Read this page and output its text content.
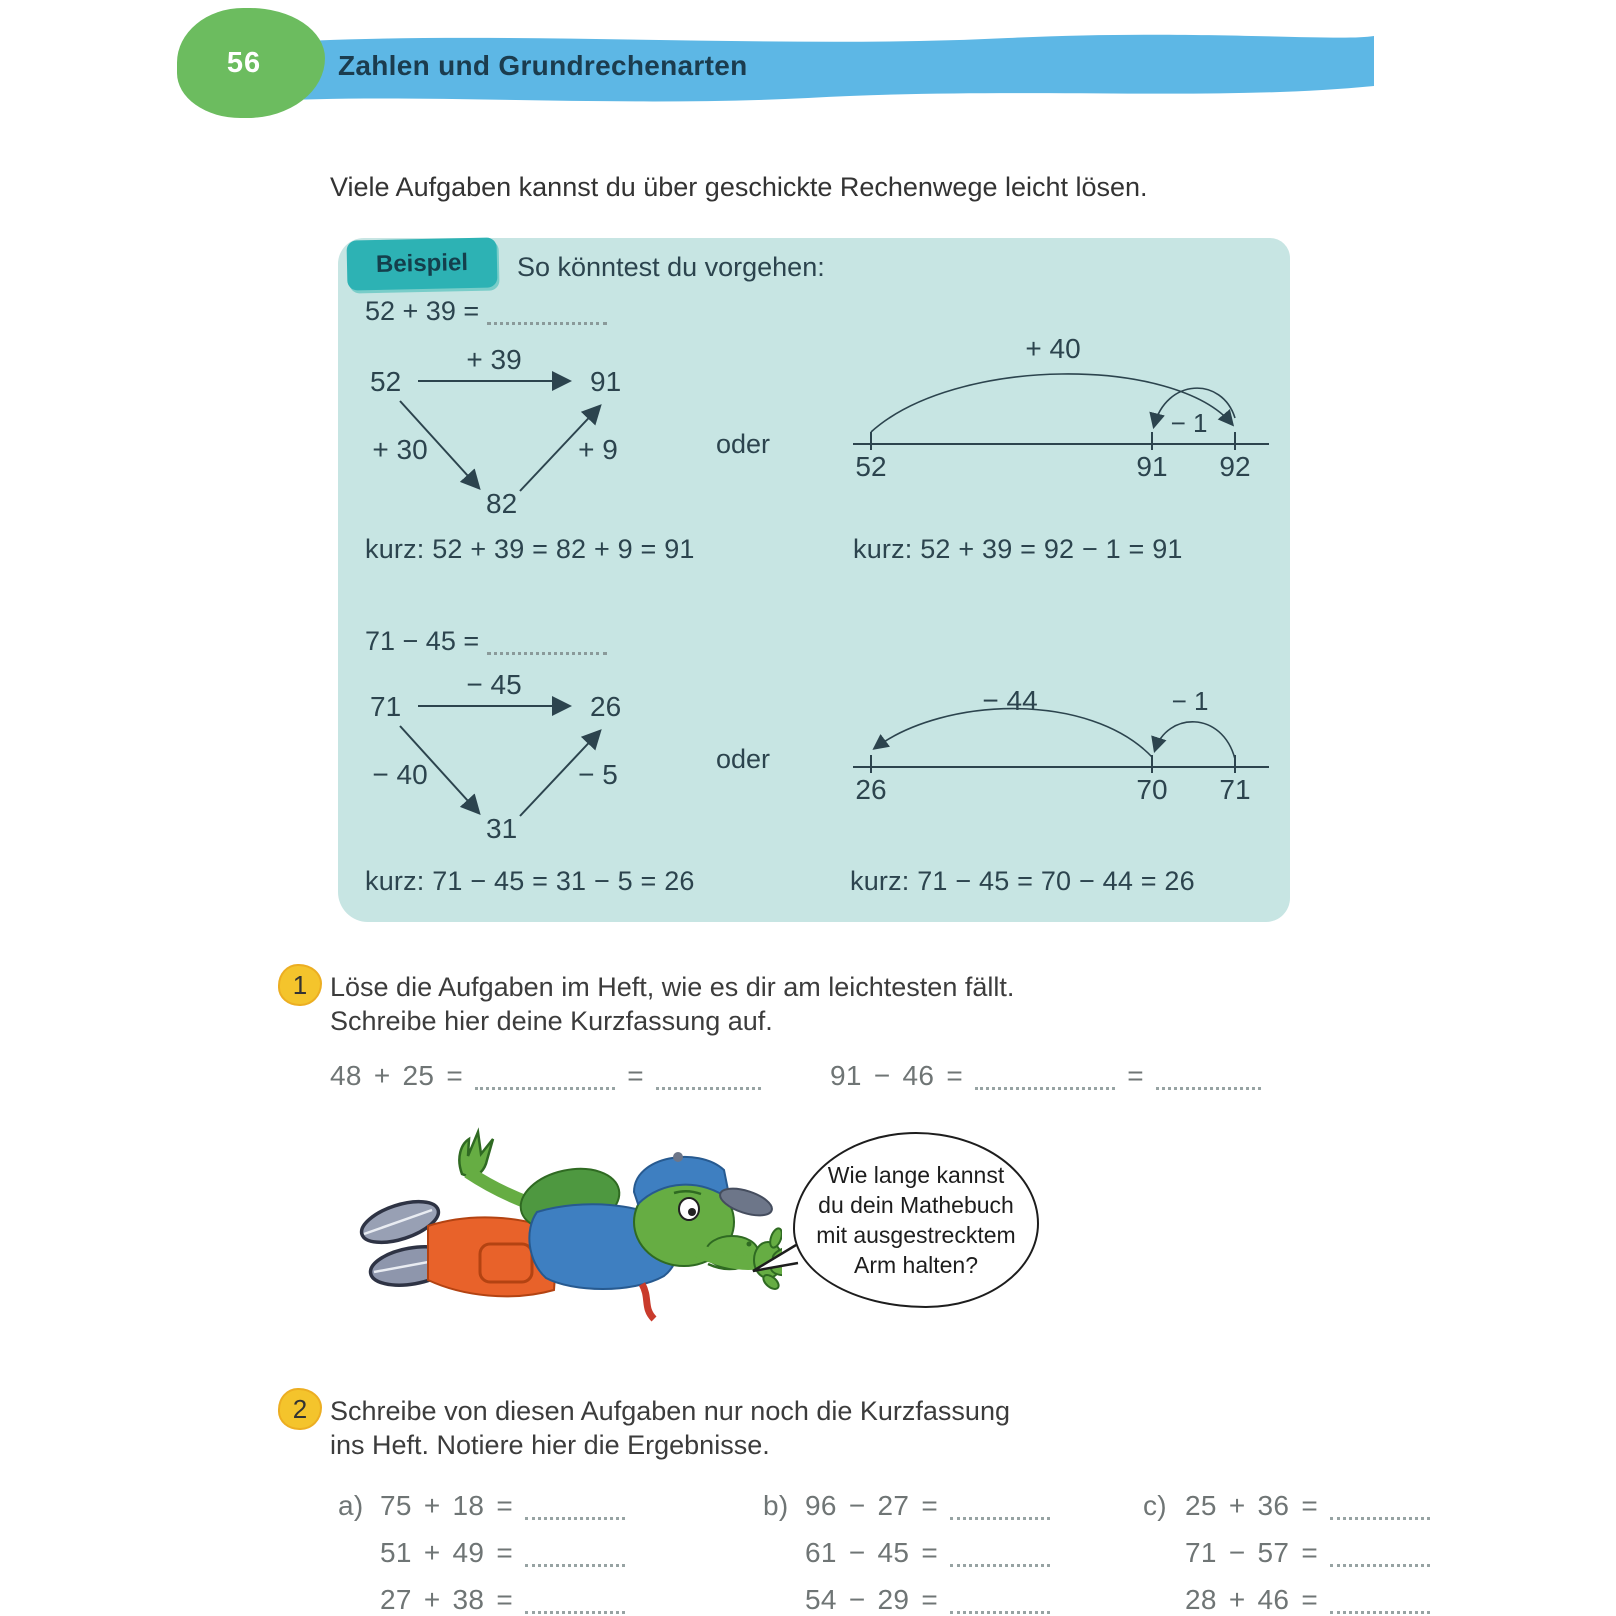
56	Zahlen und Grundrechenarten
Viele Aufgaben kannst du über geschickte Rechenwege leicht lösen.
Beispiel So könntest du vorgehen:
52 + 39 =
52
+ 39
91
+ 30
82
+ 9	oder
+ 40
− 1
52	91 92
kurz: 52 + 39 = 82 + 9 = 91	kurz: 52 + 39 = 92 − 1 = 91
71 − 45 =
71
− 45
26
− 40
31
− 5	oder
− 44	− 1
26	70 71
kurz: 71 − 45 = 31 − 5 = 26	kurz: 71 − 45 = 70 − 44 = 26
1 Löse die Aufgaben im Heft, wie es dir am leichtesten fällt.
Schreibe hier deine Kurzfassung auf.
48 + 25 =	=	91 − 46 =	=
Wie lange kannst
du dein Mathebuch
mit ausgestrecktem
Arm halten?
2 Schreibe von diesen Aufgaben nur noch die Kurzfassung
ins Heft. Notiere hier die Ergebnisse.
a) 75 + 18 =
51 + 49 =
27 + 38 =
b) 96 − 27 =
61 − 45 =
54 − 29 =
c) 25 + 36 =
71 − 57 =
28 + 46 =
